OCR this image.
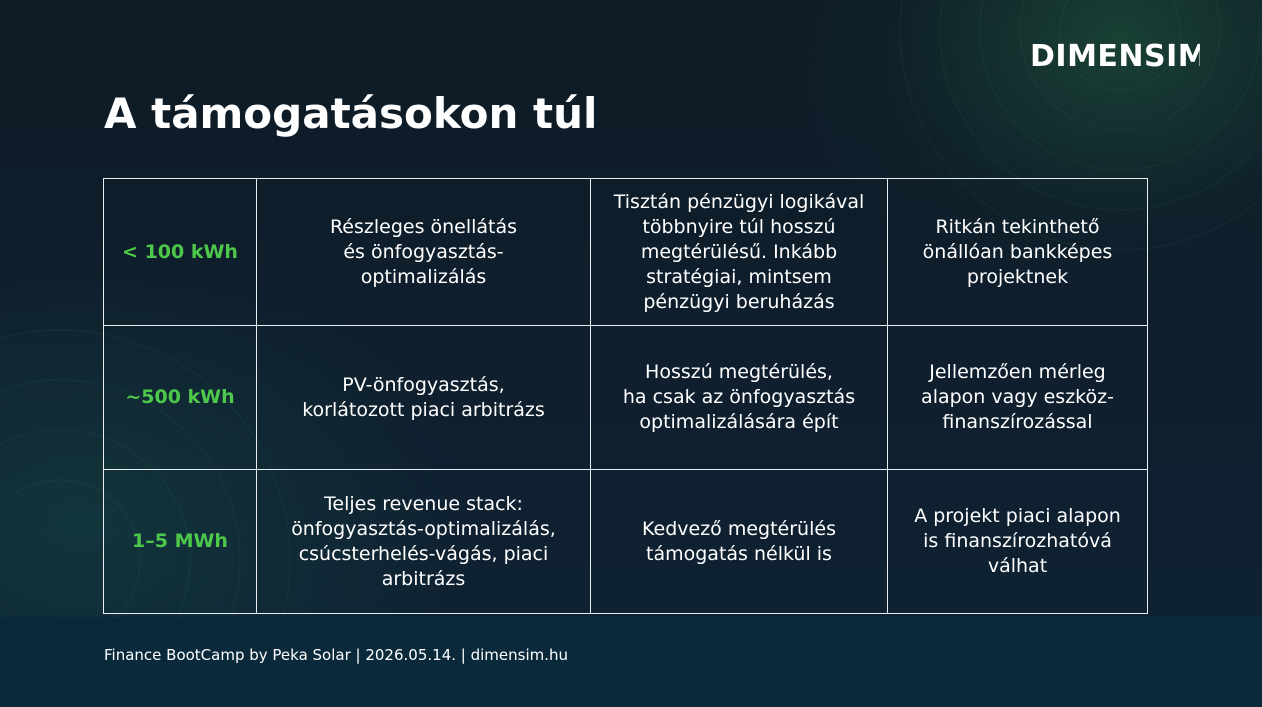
DIMENSIM
A támogatásokon túl
< 100 kWh	Részleges önellátás
és önfogyasztás-
optimalizálás	Tisztán pénzügyi logikával
többnyire túl hosszú
megtérülésű. Inkább
stratégiai, mintsem
pénzügyi beruházás	Ritkán tekinthető
önállóan bankképes
projektnek
~500 kWh	PV-önfogyasztás,
korlátozott piaci arbitrázs	Hosszú megtérülés,
ha csak az önfogyasztás
optimalizálására épít	Jellemzően mérleg
alapon vagy eszköz-
finanszírozással
1–5 MWh	Teljes revenue stack:
önfogyasztás-optimalizálás,
csúcsterhelés-vágás, piaci
arbitrázs	Kedvező megtérülés
támogatás nélkül is	A projekt piaci alapon
is finanszírozhatóvá
válhat
Finance BootCamp by Peka Solar | 2026.05.14. | dimensim.hu
